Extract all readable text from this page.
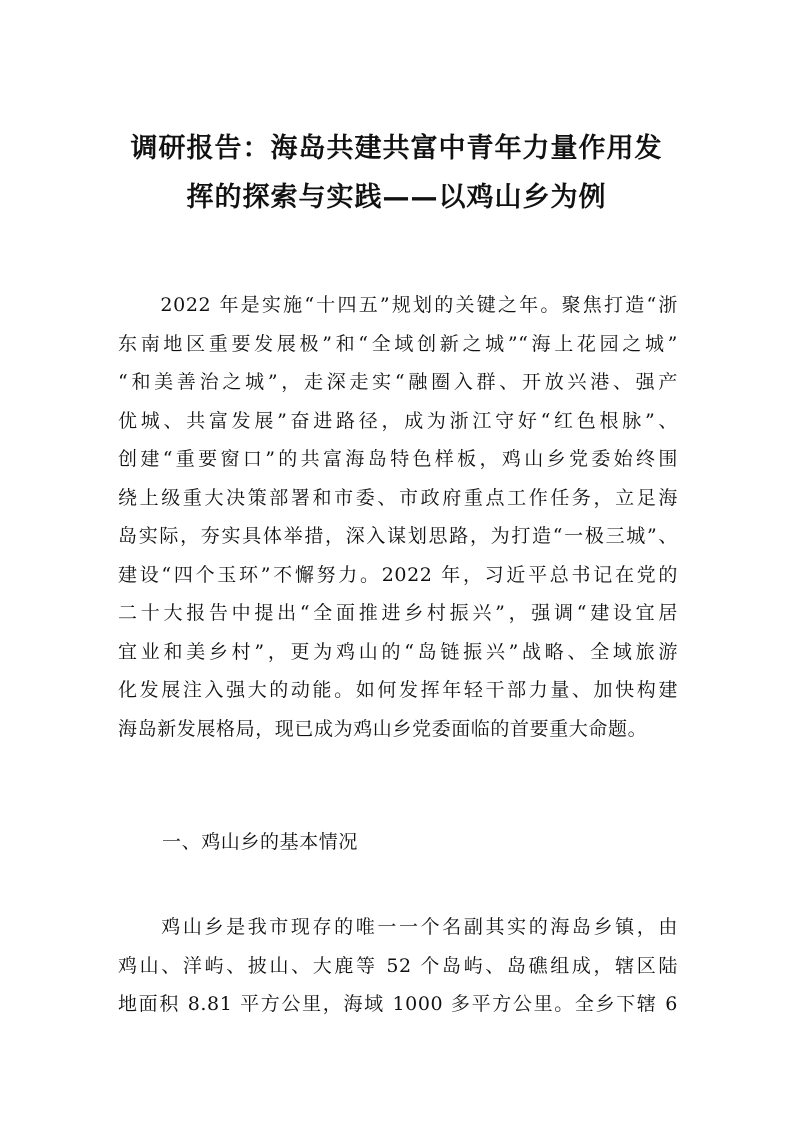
调研报告：海岛共建共富中青年力量作用发
挥的探索与实践——以鸡山乡为例
　　2022 年是实施“十四五”规划的关键之年。聚焦打造“浙
东南地区重要发展极”和“全域创新之城”“海上花园之城”
“和美善治之城”，走深走实“融圈入群、开放兴港、强产
优城、共富发展”奋进路径，成为浙江守好“红色根脉”、
创建“重要窗口”的共富海岛特色样板，鸡山乡党委始终围
绕上级重大决策部署和市委、市政府重点工作任务，立足海
岛实际，夯实具体举措，深入谋划思路，为打造“一极三城”、
建设“四个玉环”不懈努力。2022 年，习近平总书记在党的
二十大报告中提出“全面推进乡村振兴”，强调“建设宜居
宜业和美乡村”，更为鸡山的“岛链振兴”战略、全域旅游
化发展注入强大的动能。如何发挥年轻干部力量、加快构建
海岛新发展格局，现已成为鸡山乡党委面临的首要重大命题。
一、鸡山乡的基本情况
　　鸡山乡是我市现存的唯一一个名副其实的海岛乡镇，由
鸡山、洋屿、披山、大鹿等 52 个岛屿、岛礁组成，辖区陆
地面积 8.81 平方公里，海域 1000 多平方公里。全乡下辖 6
